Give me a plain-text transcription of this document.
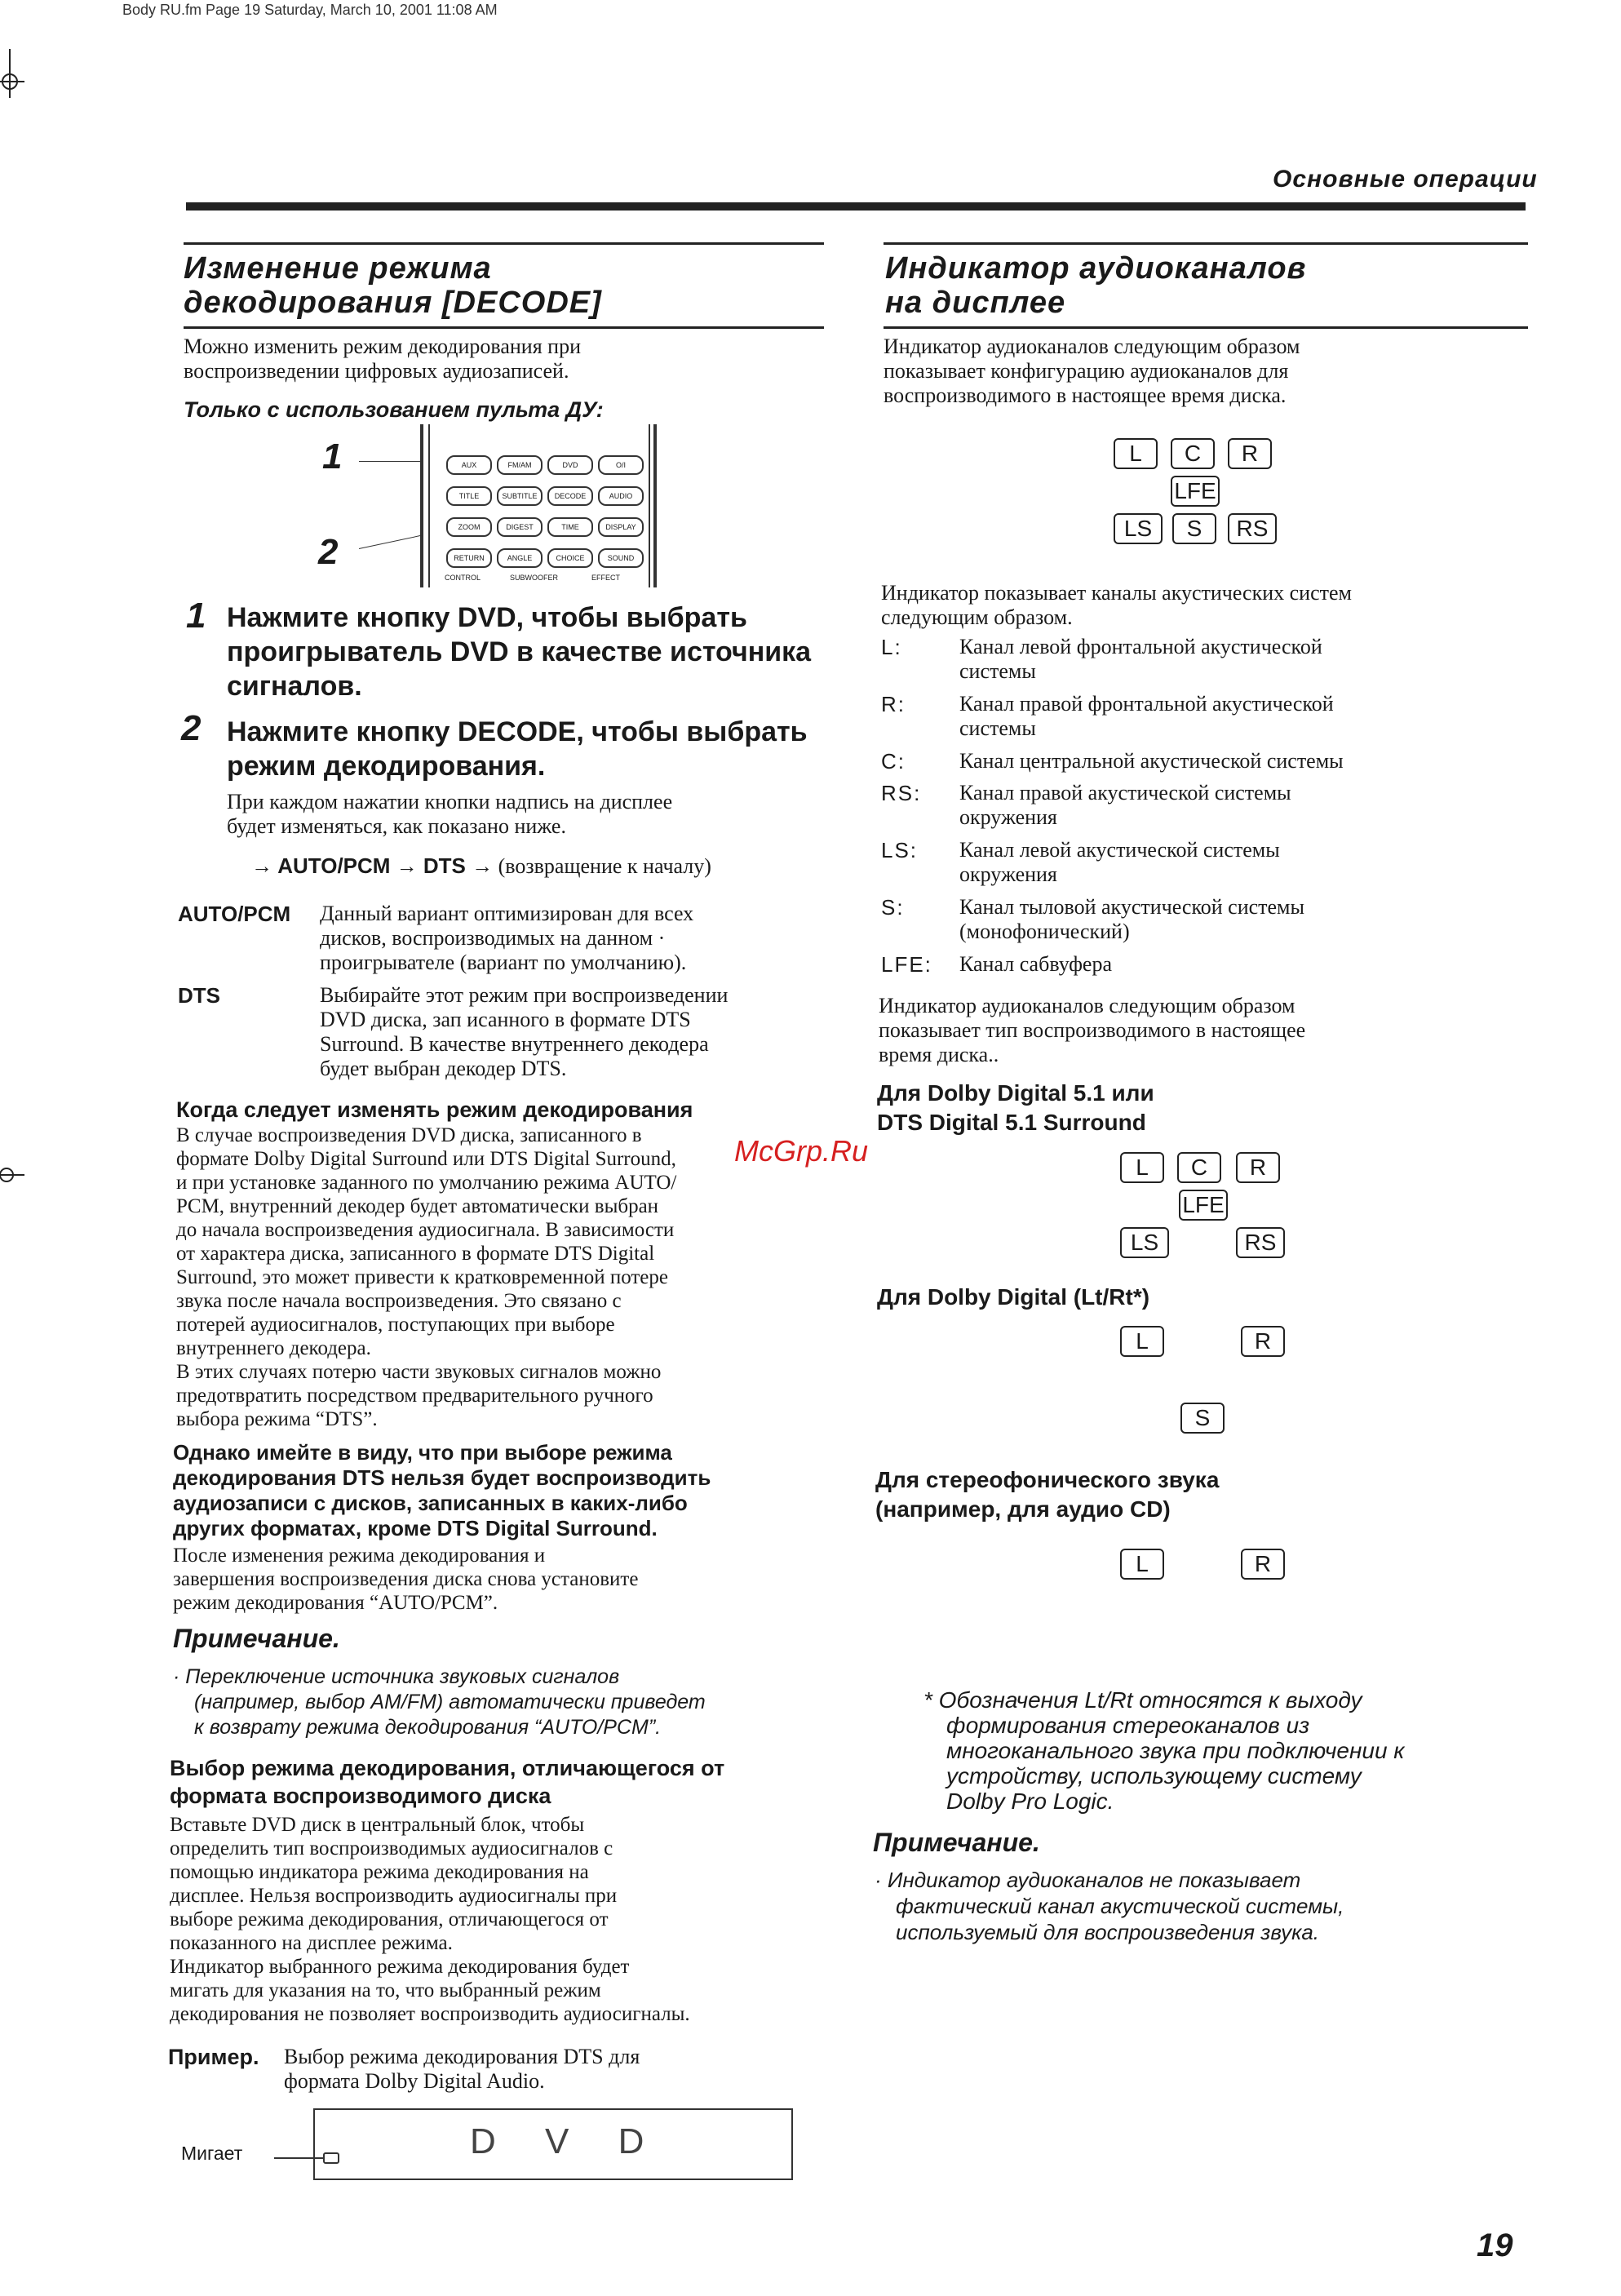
Body RU.fm Page 19 Saturday, March 10, 2001 11:08 AM
Основные операции
McGrp.Ru
Изменение режима
декодирования [DECODE]
Можно изменить режим декодирования при
воспроизведении цифровых аудиозаписей.
Только с использованием пульта ДУ:
AUX	FM/AM	DVD	O/I
TITLE	SUBTITLE	DECODE	AUDIO
ZOOM	DIGEST	TIME	DISPLAY
RETURN	ANGLE	CHOICE	SOUND
CONTROL	SUBWOOFER	EFFECT
1
2
1 Нажмите кнопку DVD, чтобы выбрать
проигрыватель DVD в качестве источника
сигналов.
2 Нажмите кнопку DECODE, чтобы выбрать
режим декодирования.
При каждом нажатии кнопки надпись на дисплее
будет изменяться, как показано ниже.
→ AUTO/PCM → DTS → (возвращение к началу)
AUTO/PCM Данный вариант оптимизирован для всех
дисков, воспроизводимых на данном ·
проигрывателе (вариант по умолчанию).
DTS	Выбирайте этот режим при воспроизведении
DVD диска, зап исанного в формате DTS
Surround. В качестве внутреннего декодера
будет выбран декодер DTS.
Когда следует изменять режим декодирования
В случае воспроизведения DVD диска, записанного в
формате Dolby Digital Surround или DTS Digital Surround,
и при установке заданного по умолчанию режима AUTO/
PCM, внутренний декодер будет автоматически выбран
до начала воспроизведения аудиосигнала. В зависимости
от характера диска, записанного в формате DTS Digital
Surround, это может привести к кратковременной потере
звука после начала воспроизведения. Это связано с
потерей аудиосигналов, поступающих при выборе
внутреннего декодера.
В этих случаях потерю части звуковых сигналов можно
предотвратить посредством предварительного ручного
выбора режима “DTS”.
Однако имейте в виду, что при выборе режима
декодирования DTS нельзя будет воспроизводить
аудиозаписи с дисков, записанных в каких-либо
других форматах, кроме DTS Digital Surround.
После изменения режима декодирования и
завершения воспроизведения диска снова установите
режим декодирования “AUTO/PCM”.
Примечание.
· Переключение источника звуковых сигналов
(например, выбор AM/FM) автоматически приведет
к возврату режима декодирования “AUTO/PCM”.
Выбор режима декодирования, отличающегося от
формата воспроизводимого диска
Вставьте DVD диск в центральный блок, чтобы
определить тип воспроизводимых аудиосигналов с
помощью индикатора режима декодирования на
дисплее. Нельзя воспроизводить аудиосигналы при
выборе режима декодирования, отличающегося от
показанного на дисплее режима.
Индикатор выбранного режима декодирования будет
мигать для указания на то, что выбранный режим
декодирования не позволяет воспроизводить аудиосигналы.
Пример. Выбор режима декодирования DTS для
формата Dolby Digital Audio.
D V D
Мигает
Индикатор аудиоканалов
на дисплее
Индикатор аудиоканалов следующим образом
показывает конфигурацию аудиоканалов для
воспроизводимого в настоящее время диска.
L	C	R
LFE
LS	S	RS
Индикатор показывает каналы акустических систем
следующим образом.
L:	Канал левой фронтальной акустической
системы
R:	Канал правой фронтальной акустической
системы
C:	Канал центральной акустической системы
RS: Канал правой акустической системы
окружения
LS: Канал левой акустической системы
окружения
S:	Канал тыловой акустической системы
(монофонический)
LFE: Канал сабвуфера
Индикатор аудиоканалов следующим образом
показывает тип воспроизводимого в настоящее
время диска..
Для Dolby Digital 5.1 или
DTS Digital 5.1 Surround
L	C	R
LFE
LS	RS
Для Dolby Digital (Lt/Rt*)
L	R
S
Для стереофонического звука
(например, для аудио CD)
L	R
* Обозначения Lt/Rt относятся к выходу
формирования стереоканалов из
многоканального звука при подключении к
устройству, использующему систему
Dolby Pro Logic.
Примечание.
· Индикатор аудиоканалов не показывает
фактический канал акустической системы,
используемый для воспроизведения звука.
19
